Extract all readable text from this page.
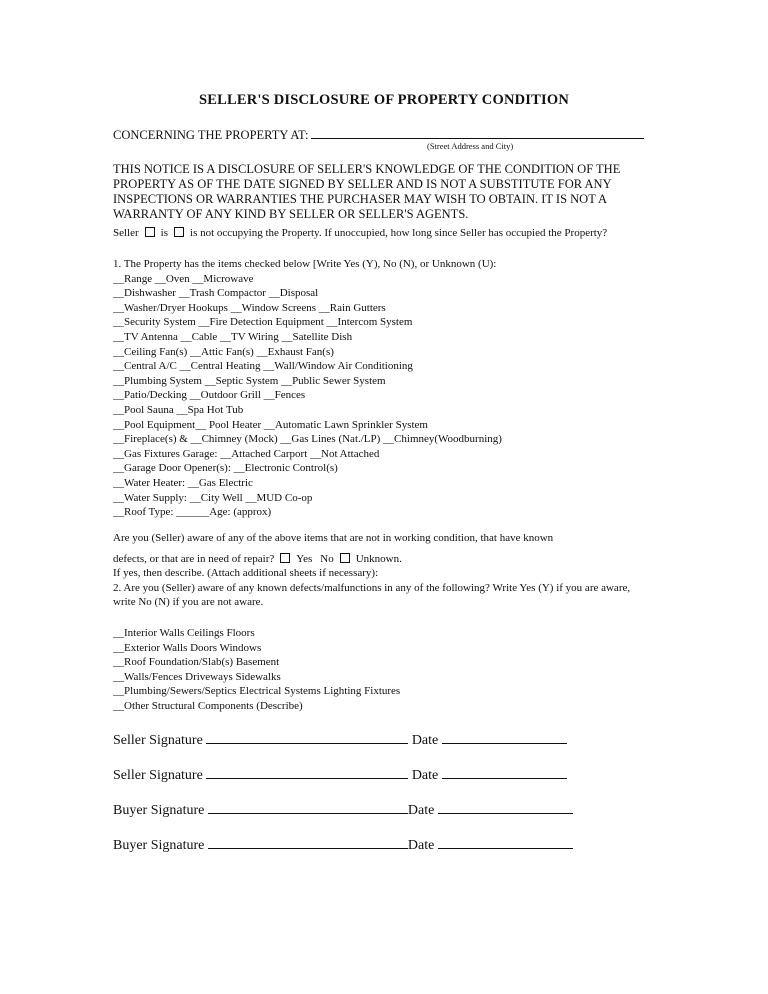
SELLER'S DISCLOSURE OF PROPERTY CONDITION
CONCERNING THE PROPERTY AT:
(Street Address and City)
THIS NOTICE IS A DISCLOSURE OF SELLER'S KNOWLEDGE OF THE CONDITION OF THE PROPERTY AS OF THE DATE SIGNED BY SELLER AND IS NOT A SUBSTITUTE FOR ANY INSPECTIONS OR WARRANTIES THE PURCHASER MAY WISH TO OBTAIN. IT IS NOT A WARRANTY OF ANY KIND BY SELLER OR SELLER'S AGENTS.
Seller is is not occupying the Property. If unoccupied, how long since Seller has occupied the Property?
1. The Property has the items checked below [Write Yes (Y), No (N), or Unknown (U):
__Range __Oven __Microwave
__Dishwasher __Trash Compactor __Disposal
__Washer/Dryer Hookups __Window Screens __Rain Gutters
__Security System __Fire Detection Equipment __Intercom System
__TV Antenna __Cable __TV Wiring __Satellite Dish
__Ceiling Fan(s) __Attic Fan(s) __Exhaust Fan(s)
__Central A/C __Central Heating __Wall/Window Air Conditioning
__Plumbing System __Septic System __Public Sewer System
__Patio/Decking __Outdoor Grill __Fences
__Pool Sauna __Spa Hot Tub
__Pool Equipment__ Pool Heater __Automatic Lawn Sprinkler System
__Fireplace(s) & __Chimney (Mock) __Gas Lines (Nat./LP) __Chimney(Woodburning)
__Gas Fixtures Garage: __Attached Carport __Not Attached
__Garage Door Opener(s): __Electronic Control(s)
__Water Heater: __Gas Electric
__Water Supply: __City Well __MUD Co-op
__Roof Type: ______Age: (approx)
Are you (Seller) aware of any of the above items that are not in working condition, that have known
defects, or that are in need of repair? Yes No Unknown.
If yes, then describe. (Attach additional sheets if necessary):
2. Are you (Seller) aware of any known defects/malfunctions in any of the following? Write Yes (Y) if you are aware, write No (N) if you are not aware.
__Interior Walls Ceilings Floors
__Exterior Walls Doors Windows
__Roof Foundation/Slab(s) Basement
__Walls/Fences Driveways Sidewalks
__Plumbing/Sewers/Septics Electrical Systems Lighting Fixtures
__Other Structural Components (Describe)
Seller Signature	Date
Seller Signature	Date
Buyer Signature	Date
Buyer Signature	Date
